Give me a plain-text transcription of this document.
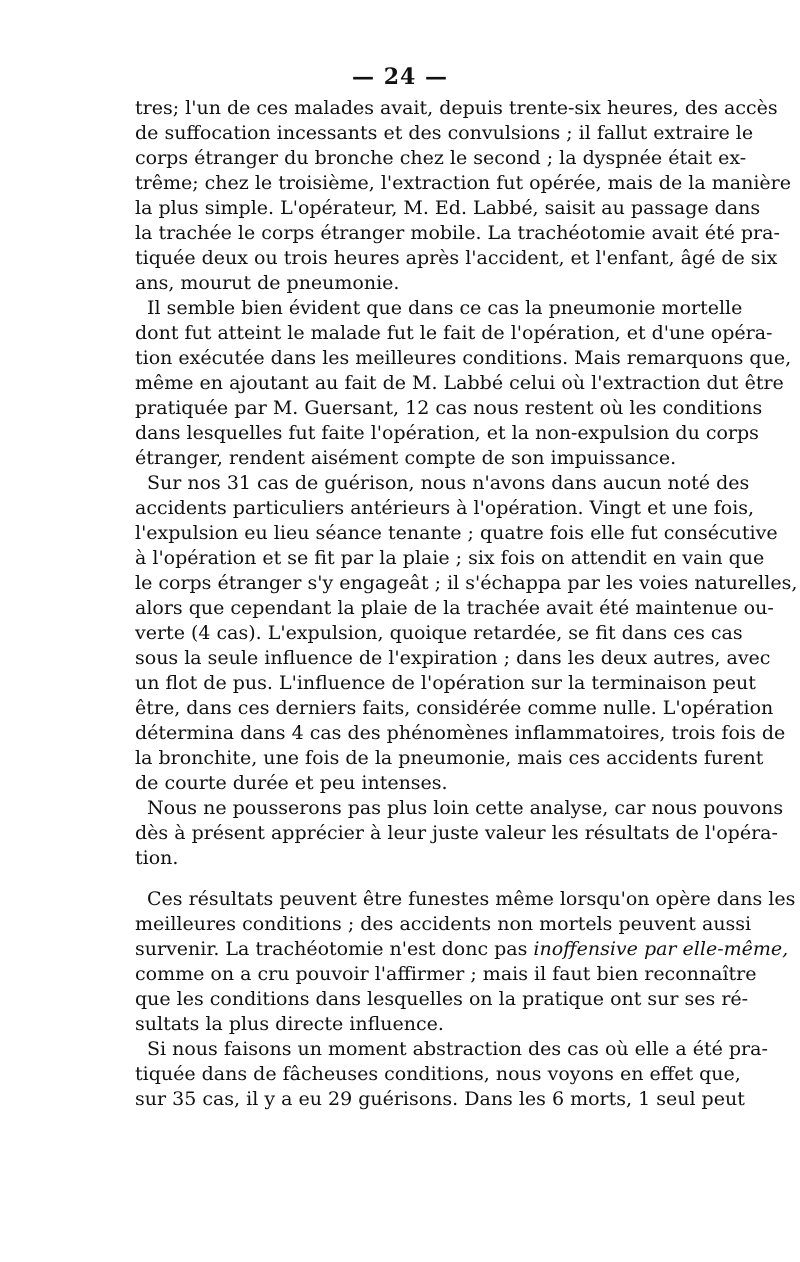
— 24 —
tres; l'un de ces malades avait, depuis trente-six heures, des accès
de suffocation incessants et des convulsions ; il fallut extraire le
corps étranger du bronche chez le second ; la dyspnée était ex-
trême; chez le troisième, l'extraction fut opérée, mais de la manière
la plus simple. L'opérateur, M. Ed. Labbé, saisit au passage dans
la trachée le corps étranger mobile. La trachéotomie avait été pra-
tiquée deux ou trois heures après l'accident, et l'enfant, âgé de six
ans, mourut de pneumonie.
Il semble bien évident que dans ce cas la pneumonie mortelle
dont fut atteint le malade fut le fait de l'opération, et d'une opéra-
tion exécutée dans les meilleures conditions. Mais remarquons que,
même en ajoutant au fait de M. Labbé celui où l'extraction dut être
pratiquée par M. Guersant, 12 cas nous restent où les conditions
dans lesquelles fut faite l'opération, et la non-expulsion du corps
étranger, rendent aisément compte de son impuissance.
Sur nos 31 cas de guérison, nous n'avons dans aucun noté des
accidents particuliers antérieurs à l'opération. Vingt et une fois,
l'expulsion eu lieu séance tenante ; quatre fois elle fut consécutive
à l'opération et se fit par la plaie ; six fois on attendit en vain que
le corps étranger s'y engageât ; il s'échappa par les voies naturelles,
alors que cependant la plaie de la trachée avait été maintenue ou-
verte (4 cas). L'expulsion, quoique retardée, se fit dans ces cas
sous la seule influence de l'expiration ; dans les deux autres, avec
un flot de pus. L'influence de l'opération sur la terminaison peut
être, dans ces derniers faits, considérée comme nulle. L'opération
détermina dans 4 cas des phénomènes inflammatoires, trois fois de
la bronchite, une fois de la pneumonie, mais ces accidents furent
de courte durée et peu intenses.
Nous ne pousserons pas plus loin cette analyse, car nous pouvons
dès à présent apprécier à leur juste valeur les résultats de l'opéra-
tion.
Ces résultats peuvent être funestes même lorsqu'on opère dans les
meilleures conditions ; des accidents non mortels peuvent aussi
survenir. La trachéotomie n'est donc pas inoffensive par elle-même,
comme on a cru pouvoir l'affirmer ; mais il faut bien reconnaître
que les conditions dans lesquelles on la pratique ont sur ses ré-
sultats la plus directe influence.
Si nous faisons un moment abstraction des cas où elle a été pra-
tiquée dans de fâcheuses conditions, nous voyons en effet que,
sur 35 cas, il y a eu 29 guérisons. Dans les 6 morts, 1 seul peut
